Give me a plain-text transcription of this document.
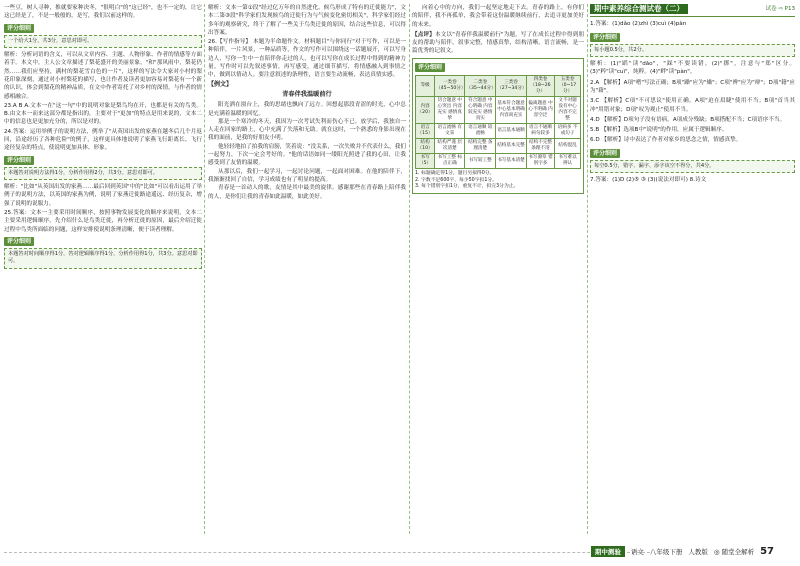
一些豆，树人寻种，推就要家种决冬，"很明白"的"这已经"，也不一定的，让它这已经是了，不是一般般的，是写，我们以前这样的。

评分细则
一个给大1分，共3分，意思对即可。

解析：分析词语的含义，可以从文章内容、主题、人物形象、作者的情感等方面着手。本文中，主人公文章描述了梨花盛开的美丽景象，"和"那风雨中，梨花仍然……我们应坚持，满村的梨花雪白色的一片"，这样的写法令大家对小村的梨花印象深刻，通过对小村梨花的描写，也让作者及读者更加容易对梨花有一个新的认识，体会到梨花的精神品质，在文中作者寄托了对乡村的深情，与作者的情感相融合。

23.A B A.文本一在"这一句"中的说明对象是梨鸟均在开，也都是有关的鸟类。B.由文本一而来这部分都是指出的，主要对于"更加"的特点是用来说的，文本二中的信息也是更加充分的，所以是对的。

24.答案：运用举例子的说明方法，例举了"从英国出发的家燕在越冬后几个月返回，沿途经历了各种危险"的例子，这样更具体地说明了家燕飞行距离长、飞行途径复杂的特点，使说明更加具体、形象。

评分细则
本题答对说明方法得1分，分析作用得2分，共3分。意思对即可。

解析："比如"从英国出发的家燕……最后回到英国"中的"比如"可以看出运用了举例子的说明方法，以英国的家燕为例，说明了家燕迁徙路途遥远、经历复杂，增强了说明的说服力。

25.答案：文本一主要采用时间顺序，按照事物发展变化的顺序来说明，文本二主要采用逻辑顺序，先介绍什么是鸟类迁徙，再分析迁徙的原因，最后介绍迁徙过程中鸟类所面临的问题，这样安排使说明条理清晰，便于读者理解。

评分细则
本题答对时间顺序得1分，答对逻辑顺序得1分，分析作用得1分，共3分。意思对即可。

解析：文本一第①段"经过亿万年的自然进化，候鸟形成了特有的迁徙能力"，文本二第③段"科学家们发现候鸟的迁徙行为与气候变化密切相关"，科学家们经过多年的观察研究，终于了解了一些关于鸟类迁徙的原因，结合这些信息，可以得出答案。

26.【写作指导】 本题为半命题作文。材料题目"与你同行"对于写作，可以是一种陪伴，一片风景，一种品质等，作文的写作可以围绕这一话题展开，可以写身边人，写你一生中一直陪伴你走过的人，也可以写你在成长过程中得到的精神力量。写作时可以先叙述事情，再写感受，通过细节描写，将情感融入到事情之中，做到以情动人。要注意叙述的条理性，语言要生动流畅，表达真情实感。

【例文】
青春伴我温暖前行

阳光洒在窗台上，我的思绪也飘向了远方。回想起那段青涩的时光，心中总是充满着温暖的回忆。

那是一个寒冷的冬天，我因为一次考试失利而伤心不已。放学后，我独自一人走在回家的路上，心中充满了失落和无助。就在这时，一个熟悉的身影出现在我的面前，是我的好朋友小明。

他轻轻地拍了拍我的肩膀，笑着说："没关系，一次失败并不代表什么，我们一起努力，下次一定会考好的。"他的话语如同一缕阳光照进了我的心田，让我感受到了友情的温暖。

从那以后，我们一起学习，一起讨论问题，一起面对困难。在他的陪伴下，我渐渐找回了自信，学习成绩也有了明显的提高。

青春是一首动人的歌，友情是其中最美的旋律。感谢那些在青春路上陪伴我的人，是你们让我的青春如此温暖，如此美好。

向着心中的方向，我们一起坚定地走下去。青春的路上，有你们的陪伴，我不再孤单，我会带着这份温暖继续前行，去追寻更加美好的未来。

【点评】本文以"青春伴我温暖前行"为题，写了在成长过程中得到朋友的帮助与陪伴，叙事完整，情感真挚，结构清晰，语言流畅，是一篇优秀的记叙文。

评分细则
等级	一类卷（45~50分）	二类卷（35~44分）	三类卷（27~34分）	四类卷（18~26分）	五类卷（0~17分）
内容（20）	切合题意 中心突出 内容充实 感情真挚	符合题意 中心明确 内容较充实 感情真实	基本符合题意 中心基本明确 内容尚充实	偏离题意 中心不明确 内容空泛	文不对题 没有中心 内容不完整
语言（15）	语言流畅 有文采	语言通顺 较流畅	语言基本通顺	语言不通顺 病句较多	语病多 不成句子
结构（10）	结构严谨 层次清楚	结构完整 条理清楚	结构基本完整	结构不完整 条理不清	结构混乱
书写（5）	书写工整 标点正确	书写较工整	书写基本清楚	书写潦草 错别字多	书写难以辨认
1. 标题确定得1分，题目另拟得0分。
2. 字数不足600字，每少50字扣1分。
3. 每个错别字扣1分，重复不计，扣完3分为止。
期中素养综合测试卷（二）	试卷 ⇨ P13

1.答案：(1)dǎo (2)zhì (3)cuì (4)pàn

评分细则
每小题0.5分，共2分。

解析：(1)"蹈"读"dǎo"，"踩"不要读错。(2)"掷"，注意与"郑"区分。(3)"粹"读"cuì"，纯粹。(4)"畔"读"pàn"。

2.A 【解析】A项"嗜"写法正确；B项"躁"应为"燥"；C项"辨"应为"辩"；D项"籍"应为"藉"。

3.C 【解析】C项"不可思议"使用正确。A项"迫在眉睫"使用不当；B项"首当其冲"用错对象；D项"叹为观止"使用不当。

4.D 【解析】D项句子没有语病。A项成分残缺；B项搭配不当；C项语序不当。

5.B 【解析】选项B中"说明"的作用，应属于逻辑顺序。

6.D 【解析】诗中表达了作者对家乡的思念之情，情感真挚。

评分细则
每空0.5分，错字、漏字、添字该空不得分，共4分。

7.答案：(1)D (2)⑤ ③ (3)(说法对即可) 8.诗文

期中测验	语文 八年级下册 人教版 ◎ 随堂全解析 57
